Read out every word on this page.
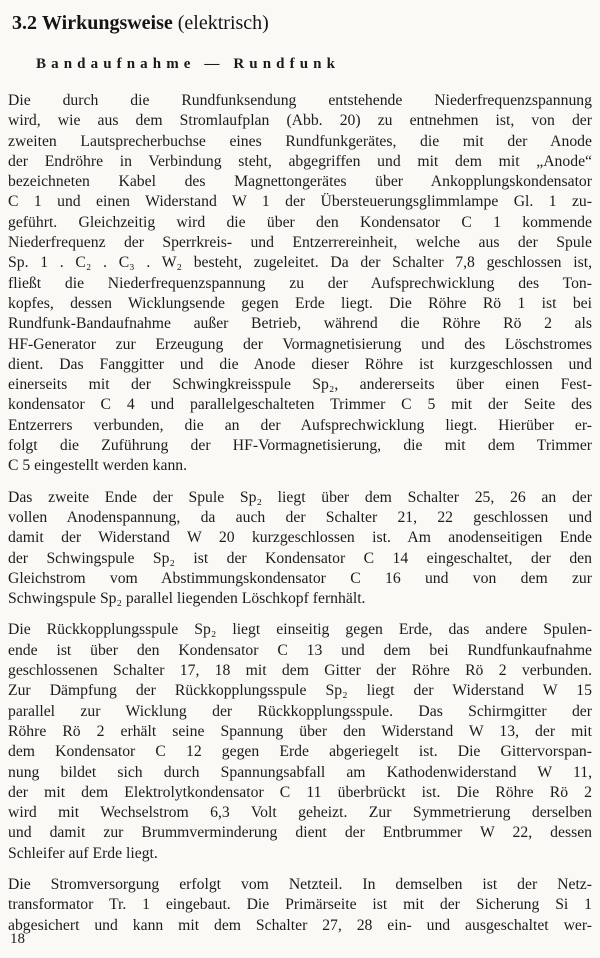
3.2 Wirkungsweise (elektrisch)
Bandaufnahme — Rundfunk
Die durch die Rundfunksendung entstehende Niederfrequenzspannung
wird, wie aus dem Stromlaufplan (Abb. 20) zu entnehmen ist, von der
zweiten Lautsprecherbuchse eines Rundfunkgerätes, die mit der Anode
der Endröhre in Verbindung steht, abgegriffen und mit dem mit „Anode“
bezeichneten Kabel des Magnettongerätes über Ankopplungskondensator
C 1 und einen Widerstand W 1 der Übersteuerungsglimmlampe Gl. 1 zu-
geführt. Gleichzeitig wird die über den Kondensator C 1 kommende
Niederfrequenz der Sperrkreis- und Entzerrereinheit, welche aus der Spule
Sp. 1 . C₂ . C₃ . W₂ besteht, zugeleitet. Da der Schalter 7,8 geschlossen ist,
fließt die Niederfrequenzspannung zu der Aufsprechwicklung des Ton-
kopfes, dessen Wicklungsende gegen Erde liegt. Die Röhre Rö 1 ist bei
Rundfunk-Bandaufnahme außer Betrieb, während die Röhre Rö 2 als
HF-Generator zur Erzeugung der Vormagnetisierung und des Löschstromes
dient. Das Fanggitter und die Anode dieser Röhre ist kurzgeschlossen und
einerseits mit der Schwingkreisspule Sp₂, andererseits über einen Fest-
kondensator C 4 und parallelgeschalteten Trimmer C 5 mit der Seite des
Entzerrers verbunden, die an der Aufsprechwicklung liegt. Hierüber er-
folgt die Zuführung der HF-Vormagnetisierung, die mit dem Trimmer
C 5 eingestellt werden kann.
Das zweite Ende der Spule Sp₂ liegt über dem Schalter 25, 26 an der
vollen Anodenspannung, da auch der Schalter 21, 22 geschlossen und
damit der Widerstand W 20 kurzgeschlossen ist. Am anodenseitigen Ende
der Schwingspule Sp₂ ist der Kondensator C 14 eingeschaltet, der den
Gleichstrom vom Abstimmungskondensator C 16 und von dem zur
Schwingspule Sp₂ parallel liegenden Löschkopf fernhält.
Die Rückkopplungsspule Sp₂ liegt einseitig gegen Erde, das andere Spulen-
ende ist über den Kondensator C 13 und dem bei Rundfunkaufnahme
geschlossenen Schalter 17, 18 mit dem Gitter der Röhre Rö 2 verbunden.
Zur Dämpfung der Rückkopplungsspule Sp₂ liegt der Widerstand W 15
parallel zur Wicklung der Rückkopplungsspule. Das Schirmgitter der
Röhre Rö 2 erhält seine Spannung über den Widerstand W 13, der mit
dem Kondensator C 12 gegen Erde abgeriegelt ist. Die Gittervorspan-
nung bildet sich durch Spannungsabfall am Kathodenwiderstand W 11,
der mit dem Elektrolytkondensator C 11 überbrückt ist. Die Röhre Rö 2
wird mit Wechselstrom 6,3 Volt geheizt. Zur Symmetrierung derselben
und damit zur Brummverminderung dient der Entbrummer W 22, dessen
Schleifer auf Erde liegt.
Die Stromversorgung erfolgt vom Netzteil. In demselben ist der Netz-
transformator Tr. 1 eingebaut. Die Primärseite ist mit der Sicherung Si 1
abgesichert und kann mit dem Schalter 27, 28 ein- und ausgeschaltet wer-
18
